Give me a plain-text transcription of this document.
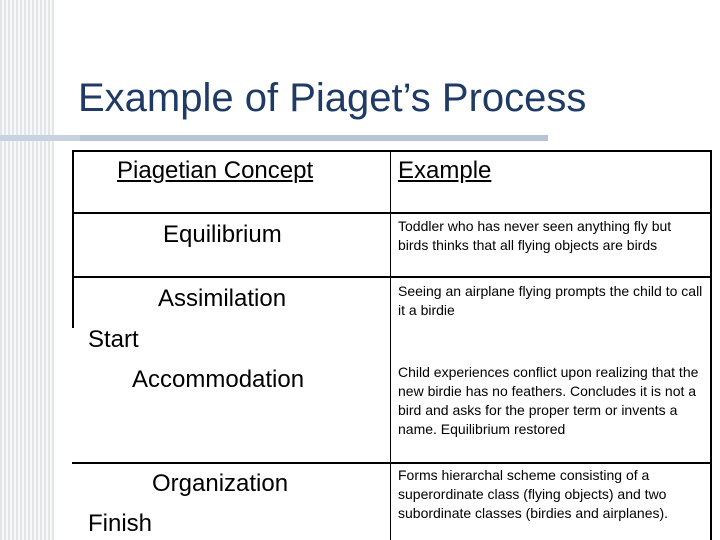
Example of Piaget’s Process
Piagetian Concept	Example
Equilibrium	Toddler who has never seen anything fly but birds thinks that all flying objects are birds
Assimilation	Seeing an airplane flying prompts the child to call it a birdie
Accommodation	Child experiences conflict upon realizing that the new birdie has no feathers. Concludes it is not a bird and asks for the proper term or invents a name. Equilibrium restored
Organization	Forms hierarchal scheme consisting of a superordinate class (flying objects) and two subordinate classes (birdies and airplanes).
Start
Finish
